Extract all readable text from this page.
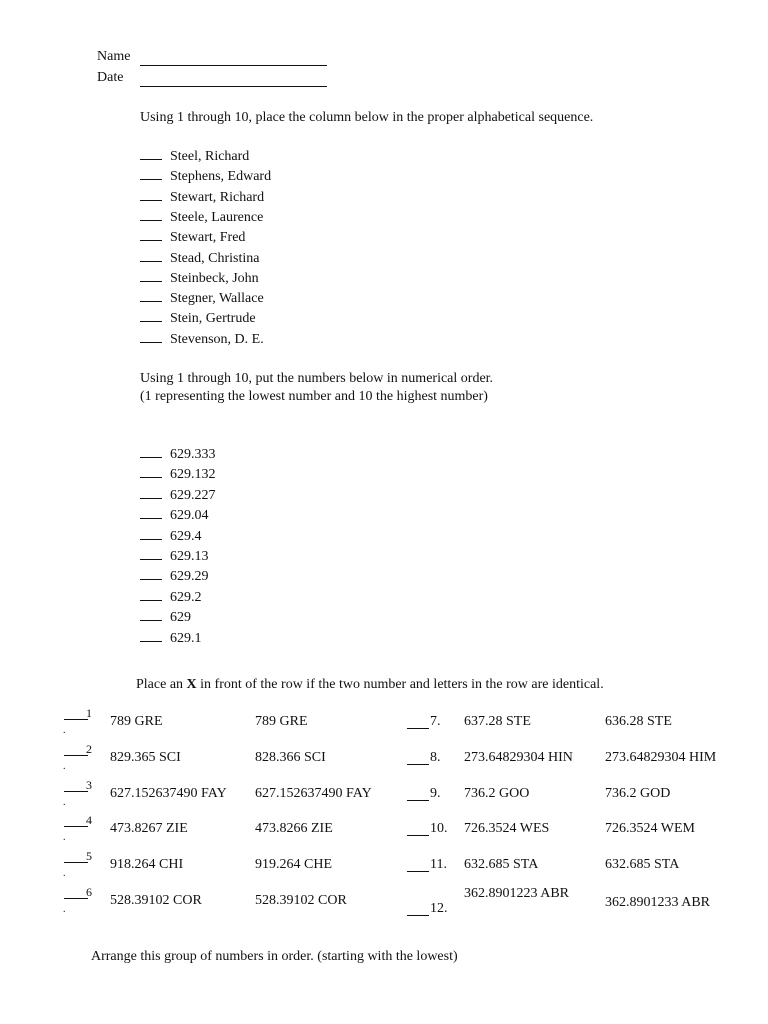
Name
Date
Using 1 through 10, place the column below in the proper alphabetical sequence.
Steel, Richard
Stephens, Edward
Stewart, Richard
Steele, Laurence
Stewart, Fred
Stead, Christina
Steinbeck, John
Stegner, Wallace
Stein, Gertrude
Stevenson, D. E.
Using 1 through 10, put the numbers below in numerical order.
(1 representing the lowest number and 10 the highest number)
629.333
629.132
629.227
629.04
629.4
629.13
629.29
629.2
629
629.1
Place an X in front of the row if the two number and letters in the row are identical.
1
.
789 GRE	789 GRE
2
.
829.365 SCI	828.366 SCI
3
.
627.152637490 FAY 627.152637490 FAY
4
.
473.8267 ZIE	473.8266 ZIE
5
.
918.264 CHI	919.264 CHE
6
.
528.39102 COR	528.39102 COR
7. 637.28 STE	636.28 STE
8. 273.64829304 HIN 273.64829304 HIM
9. 736.2 GOO	736.2 GOD
10. 726.3524 WES	726.3524 WEM
11. 632.685 STA	632.685 STA
12.
362.8901223 ABR
362.8901233 ABR
Arrange this group of numbers in order. (starting with the lowest)
